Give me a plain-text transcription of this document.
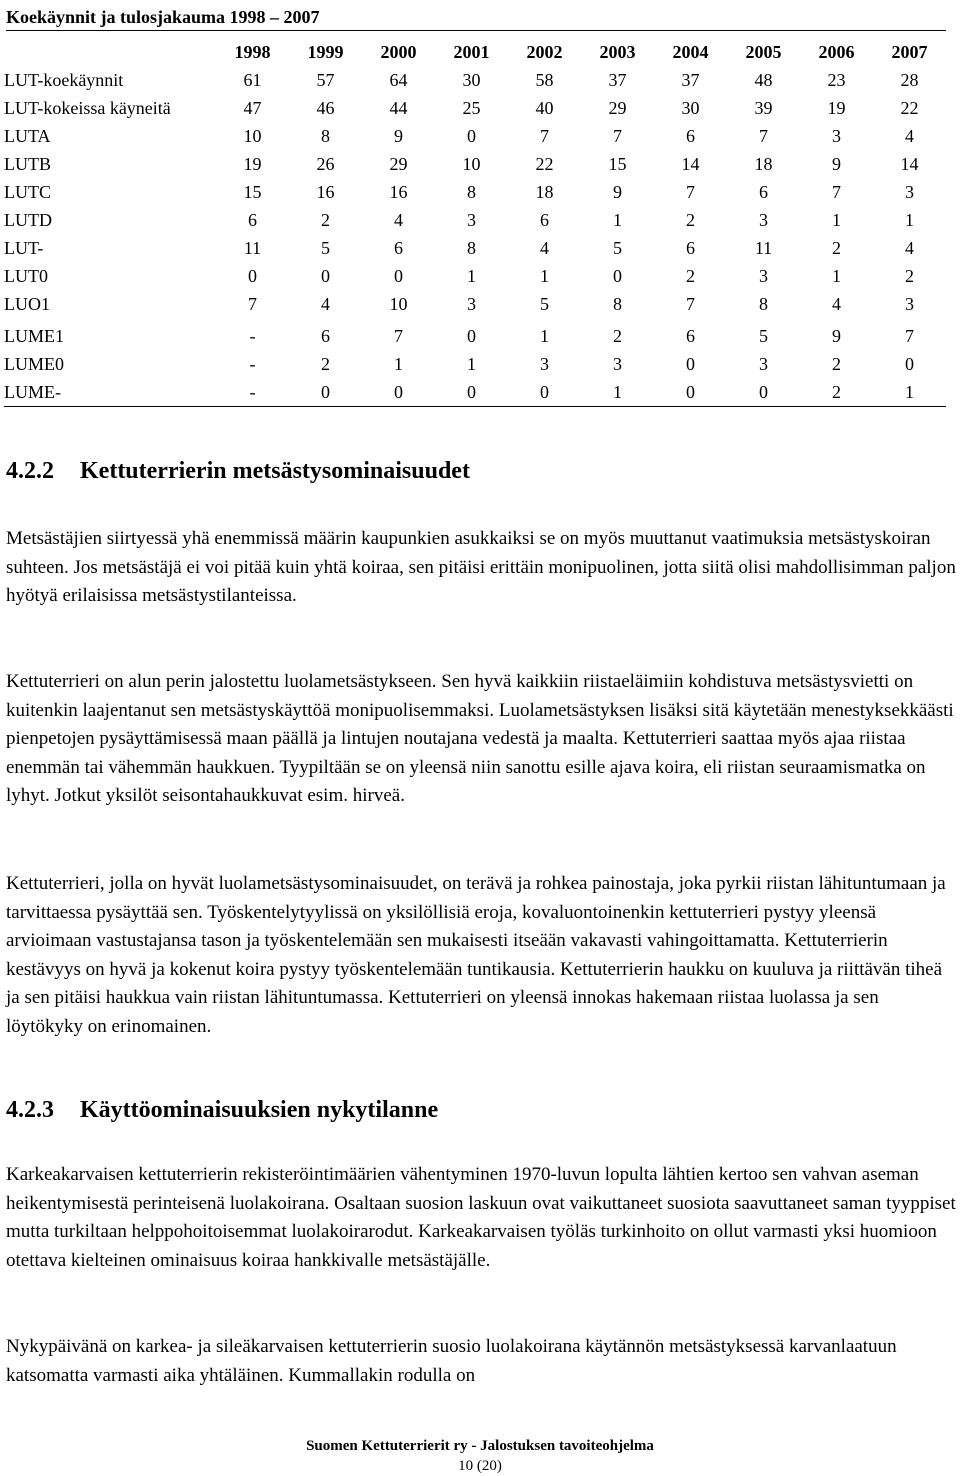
Koekäynnit ja tulosjakauma 1998 – 2007
	1998	1999	2000	2001	2002	2003	2004	2005	2006	2007
LUT-koekäynnit	61	57	64	30	58	37	37	48	23	28
LUT-kokeissa käyneitä	47	46	44	25	40	29	30	39	19	22
LUTA	10	8	9	0	7	7	6	7	3	4
LUTB	19	26	29	10	22	15	14	18	9	14
LUTC	15	16	16	8	18	9	7	6	7	3
LUTD	6	2	4	3	6	1	2	3	1	1
LUT-	11	5	6	8	4	5	6	11	2	4
LUT0	0	0	0	1	1	0	2	3	1	2
LUO1	7	4	10	3	5	8	7	8	4	3
LUME1	-	6	7	0	1	2	6	5	9	7
LUME0	-	2	1	1	3	3	0	3	2	0
LUME-	-	0	0	0	0	1	0	0	2	1
4.2.2 Kettuterrierin metsästysominaisuudet

Metsästäjien siirtyessä yhä enemmissä määrin kaupunkien asukkaiksi se on myös muuttanut vaatimuksia metsästyskoiran suhteen. Jos metsästäjä ei voi pitää kuin yhtä koiraa, sen pitäisi erittäin monipuolinen, jotta siitä olisi mahdollisimman paljon hyötyä erilaisissa metsästystilanteissa.

Kettuterrieri on alun perin jalostettu luolametsästykseen. Sen hyvä kaikkiin riistaeläimiin kohdistuva metsästysvietti on kuitenkin laajentanut sen metsästyskäyttöä monipuolisemmaksi. Luolametsästyksen lisäksi sitä käytetään menestyksekkäästi pienpetojen pysäyttämisessä maan päällä ja lintujen noutajana vedestä ja maalta. Kettuterrieri saattaa myös ajaa riistaa enemmän tai vähemmän haukkuen. Tyypiltään se on yleensä niin sanottu esille ajava koira, eli riistan seuraamismatka on lyhyt. Jotkut yksilöt seisontahaukkuvat esim. hirveä.

Kettuterrieri, jolla on hyvät luolametsästysominaisuudet, on terävä ja rohkea painostaja, joka pyrkii riistan lähituntumaan ja tarvittaessa pysäyttää sen. Työskentelytyylissä on yksilöllisiä eroja, kovaluontoinenkin kettuterrieri pystyy yleensä arvioimaan vastustajansa tason ja työskentelemään sen mukaisesti itseään vakavasti vahingoittamatta. Kettuterrierin kestävyys on hyvä ja kokenut koira pystyy työskentelemään tuntikausia. Kettuterrierin haukku on kuuluva ja riittävän tiheä ja sen pitäisi haukkua vain riistan lähituntumassa. Kettuterrieri on yleensä innokas hakemaan riistaa luolassa ja sen löytökyky on erinomainen.

4.2.3 Käyttöominaisuuksien nykytilanne

Karkeakarvaisen kettuterrierin rekisteröintimäärien vähentyminen 1970-luvun lopulta lähtien kertoo sen vahvan aseman heikentymisestä perinteisenä luolakoirana. Osaltaan suosion laskuun ovat vaikuttaneet suosiota saavuttaneet saman tyyppiset mutta turkiltaan helppohoitoisemmat luolakoirarodut. Karkeakarvaisen työläs turkinhoito on ollut varmasti yksi huomioon otettava kielteinen ominaisuus koiraa hankkivalle metsästäjälle.

Nykypäivänä on karkea- ja sileäkarvaisen kettuterrierin suosio luolakoirana käytännön metsästyksessä karvanlaatuun katsomatta varmasti aika yhtäläinen. Kummallakin rodulla on

Suomen Kettuterrierit ry - Jalostuksen tavoiteohjelma
10 (20)
